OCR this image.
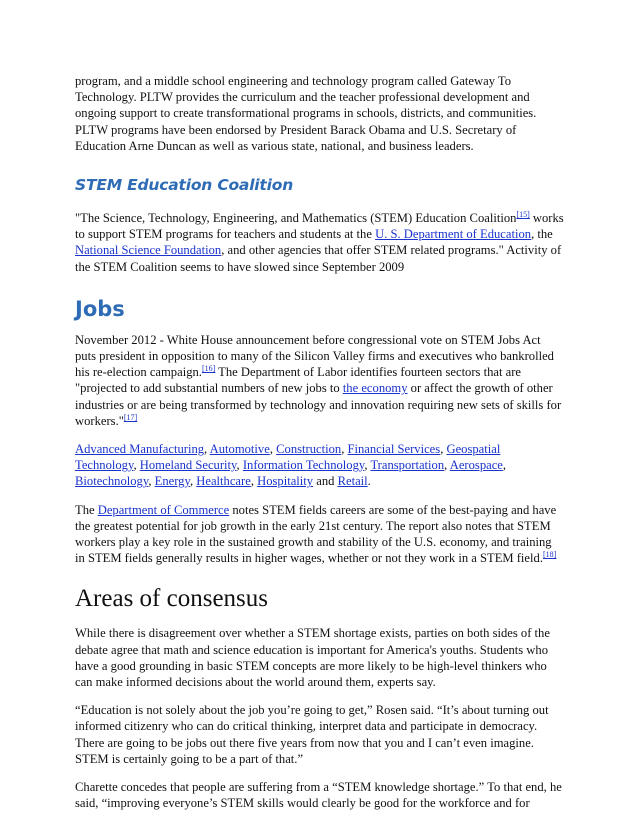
program, and a middle school engineering and technology program called Gateway To Technology. PLTW provides the curriculum and the teacher professional development and ongoing support to create transformational programs in schools, districts, and communities. PLTW programs have been endorsed by President Barack Obama and U.S. Secretary of Education Arne Duncan as well as various state, national, and business leaders.

STEM Education Coalition

"The Science, Technology, Engineering, and Mathematics (STEM) Education Coalition[15] works to support STEM programs for teachers and students at the U. S. Department of Education, the National Science Foundation, and other agencies that offer STEM related programs." Activity of the STEM Coalition seems to have slowed since September 2009

Jobs

November 2012 - White House announcement before congressional vote on STEM Jobs Act puts president in opposition to many of the Silicon Valley firms and executives who bankrolled his re-election campaign.[16] The Department of Labor identifies fourteen sectors that are "projected to add substantial numbers of new jobs to the economy or affect the growth of other industries or are being transformed by technology and innovation requiring new sets of skills for workers."[17]

Advanced Manufacturing, Automotive, Construction, Financial Services, Geospatial Technology, Homeland Security, Information Technology, Transportation, Aerospace, Biotechnology, Energy, Healthcare, Hospitality and Retail.

The Department of Commerce notes STEM fields careers are some of the best-paying and have the greatest potential for job growth in the early 21st century. The report also notes that STEM workers play a key role in the sustained growth and stability of the U.S. economy, and training in STEM fields generally results in higher wages, whether or not they work in a STEM field.[18]

Areas of consensus

While there is disagreement over whether a STEM shortage exists, parties on both sides of the debate agree that math and science education is important for America's youths. Students who have a good grounding in basic STEM concepts are more likely to be high-level thinkers who can make informed decisions about the world around them, experts say.

“Education is not solely about the job you’re going to get,” Rosen said. “It’s about turning out informed citizenry who can do critical thinking, interpret data and participate in democracy. There are going to be jobs out there five years from now that you and I can’t even imagine. STEM is certainly going to be a part of that.”

Charette concedes that people are suffering from a “STEM knowledge shortage.” To that end, he said, “improving everyone’s STEM skills would clearly be good for the workforce and for
